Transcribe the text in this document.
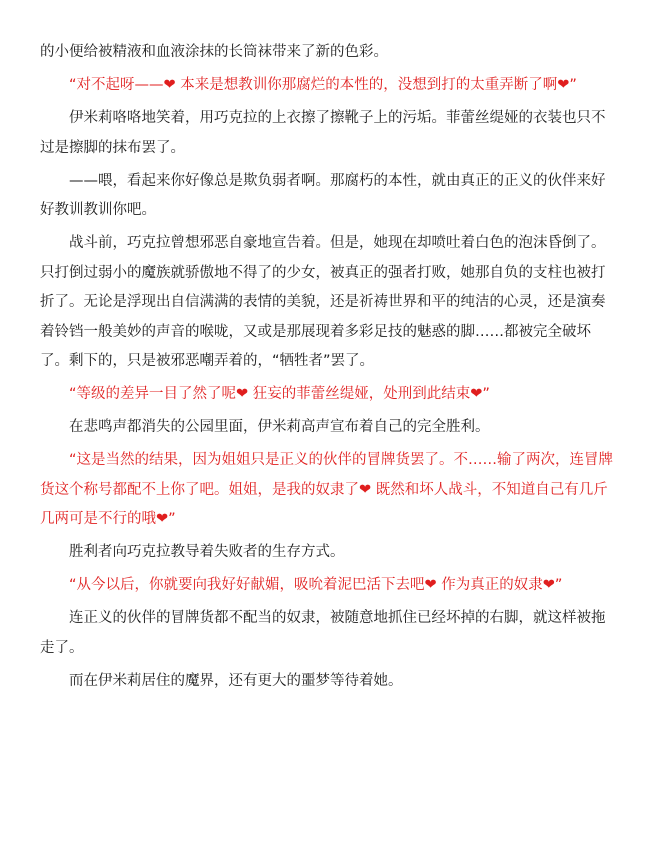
的小便给被精液和血液涂抹的长筒袜带来了新的色彩。

“对不起呀——❤ 本来是想教训你那腐烂的本性的，没想到打的太重弄断了啊❤”

伊米莉咯咯地笑着，用巧克拉的上衣擦了擦靴子上的污垢。菲蕾丝缇娅的衣装也只不过是擦脚的抹布罢了。

——喂，看起来你好像总是欺负弱者啊。那腐朽的本性，就由真正的正义的伙伴来好好教训教训你吧。

战斗前，巧克拉曾想邪恶自豪地宣告着。但是，她现在却喷吐着白色的泡沫昏倒了。只打倒过弱小的魔族就骄傲地不得了的少女，被真正的强者打败，她那自负的支柱也被打折了。无论是浮现出自信满满的表情的美貌，还是祈祷世界和平的纯洁的心灵，还是演奏着铃铛一般美妙的声音的喉咙，又或是那展现着多彩足技的魅惑的脚……都被完全破坏了。剩下的，只是被邪恶嘲弄着的，“牺牲者”罢了。

“等级的差异一目了然了呢❤ 狂妄的菲蕾丝缇娅，处刑到此结束❤”

在悲鸣声都消失的公园里面，伊米莉高声宣布着自己的完全胜利。

“这是当然的结果，因为姐姐只是正义的伙伴的冒牌货罢了。不……输了两次，连冒牌货这个称号都配不上你了吧。姐姐，是我的奴隶了❤ 既然和坏人战斗，不知道自己有几斤几两可是不行的哦❤”

胜利者向巧克拉教导着失败者的生存方式。

“从今以后，你就要向我好好献媚，吸吮着泥巴活下去吧❤ 作为真正的奴隶❤”

连正义的伙伴的冒牌货都不配当的奴隶，被随意地抓住已经坏掉的右脚，就这样被拖走了。

而在伊米莉居住的魔界，还有更大的噩梦等待着她。
